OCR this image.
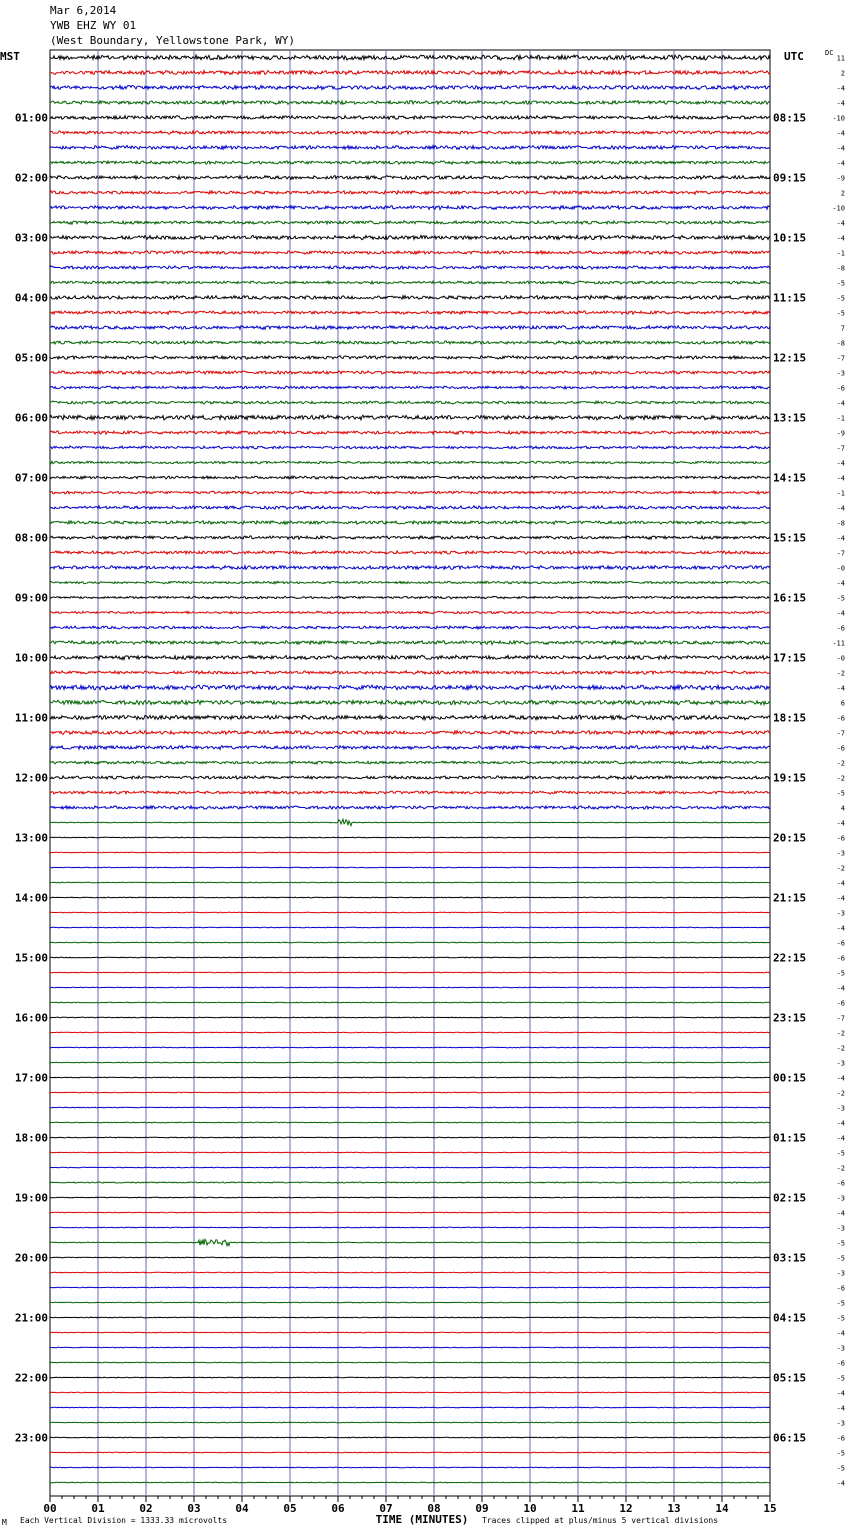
Mar 6,2014
YWB EHZ WY 01
(West Boundary, Yellowstone Park, WY)
MST	UTC	DC
00	01	02	03	04	05	06	07	08	09	10	11	12	13	14	15
TIME (MINUTES)
11
2
-4
-4
-10
-4
-4
-4
-9
2
-10
-4
-4
-1
-8
-5
-5
-5
7
-8
-7
-3
-6
-4
-1
-9
-7
-4
-4
-1
-4
-8
-4
-7
-0
-4
-5
-4
-6
-11
-0
-2
-4
6
-6
-7
-6
-2
-2
-5
4
-4
-6
-3
-2
-4
-4
-3
-4
-6
-6
-5
-4
-6
-7
-2
-2
-3
-4
-2
-3
-4
-4
-5
-2
-6
-3
-4
-3
-5
-5
-3
-6
-5
-5
-4
-3
-6
-5
-4
-4
-3
-6
-5
-5
-4
01:00
02:00
03:00
04:00
05:00
06:00
07:00
08:00
09:00
10:00
11:00
12:00
13:00
14:00
15:00
16:00
17:00
18:00
19:00
20:00
21:00
22:00
23:00
08:15
09:15
10:15
11:15
12:15
13:15
14:15
15:15
16:15
17:15
18:15
19:15
20:15
21:15
22:15
23:15
00:15
01:15
02:15
03:15
04:15
05:15
06:15
M Each Vertical Division = 1333.33 microvolts	Traces clipped at plus/minus 5 vertical divisions
